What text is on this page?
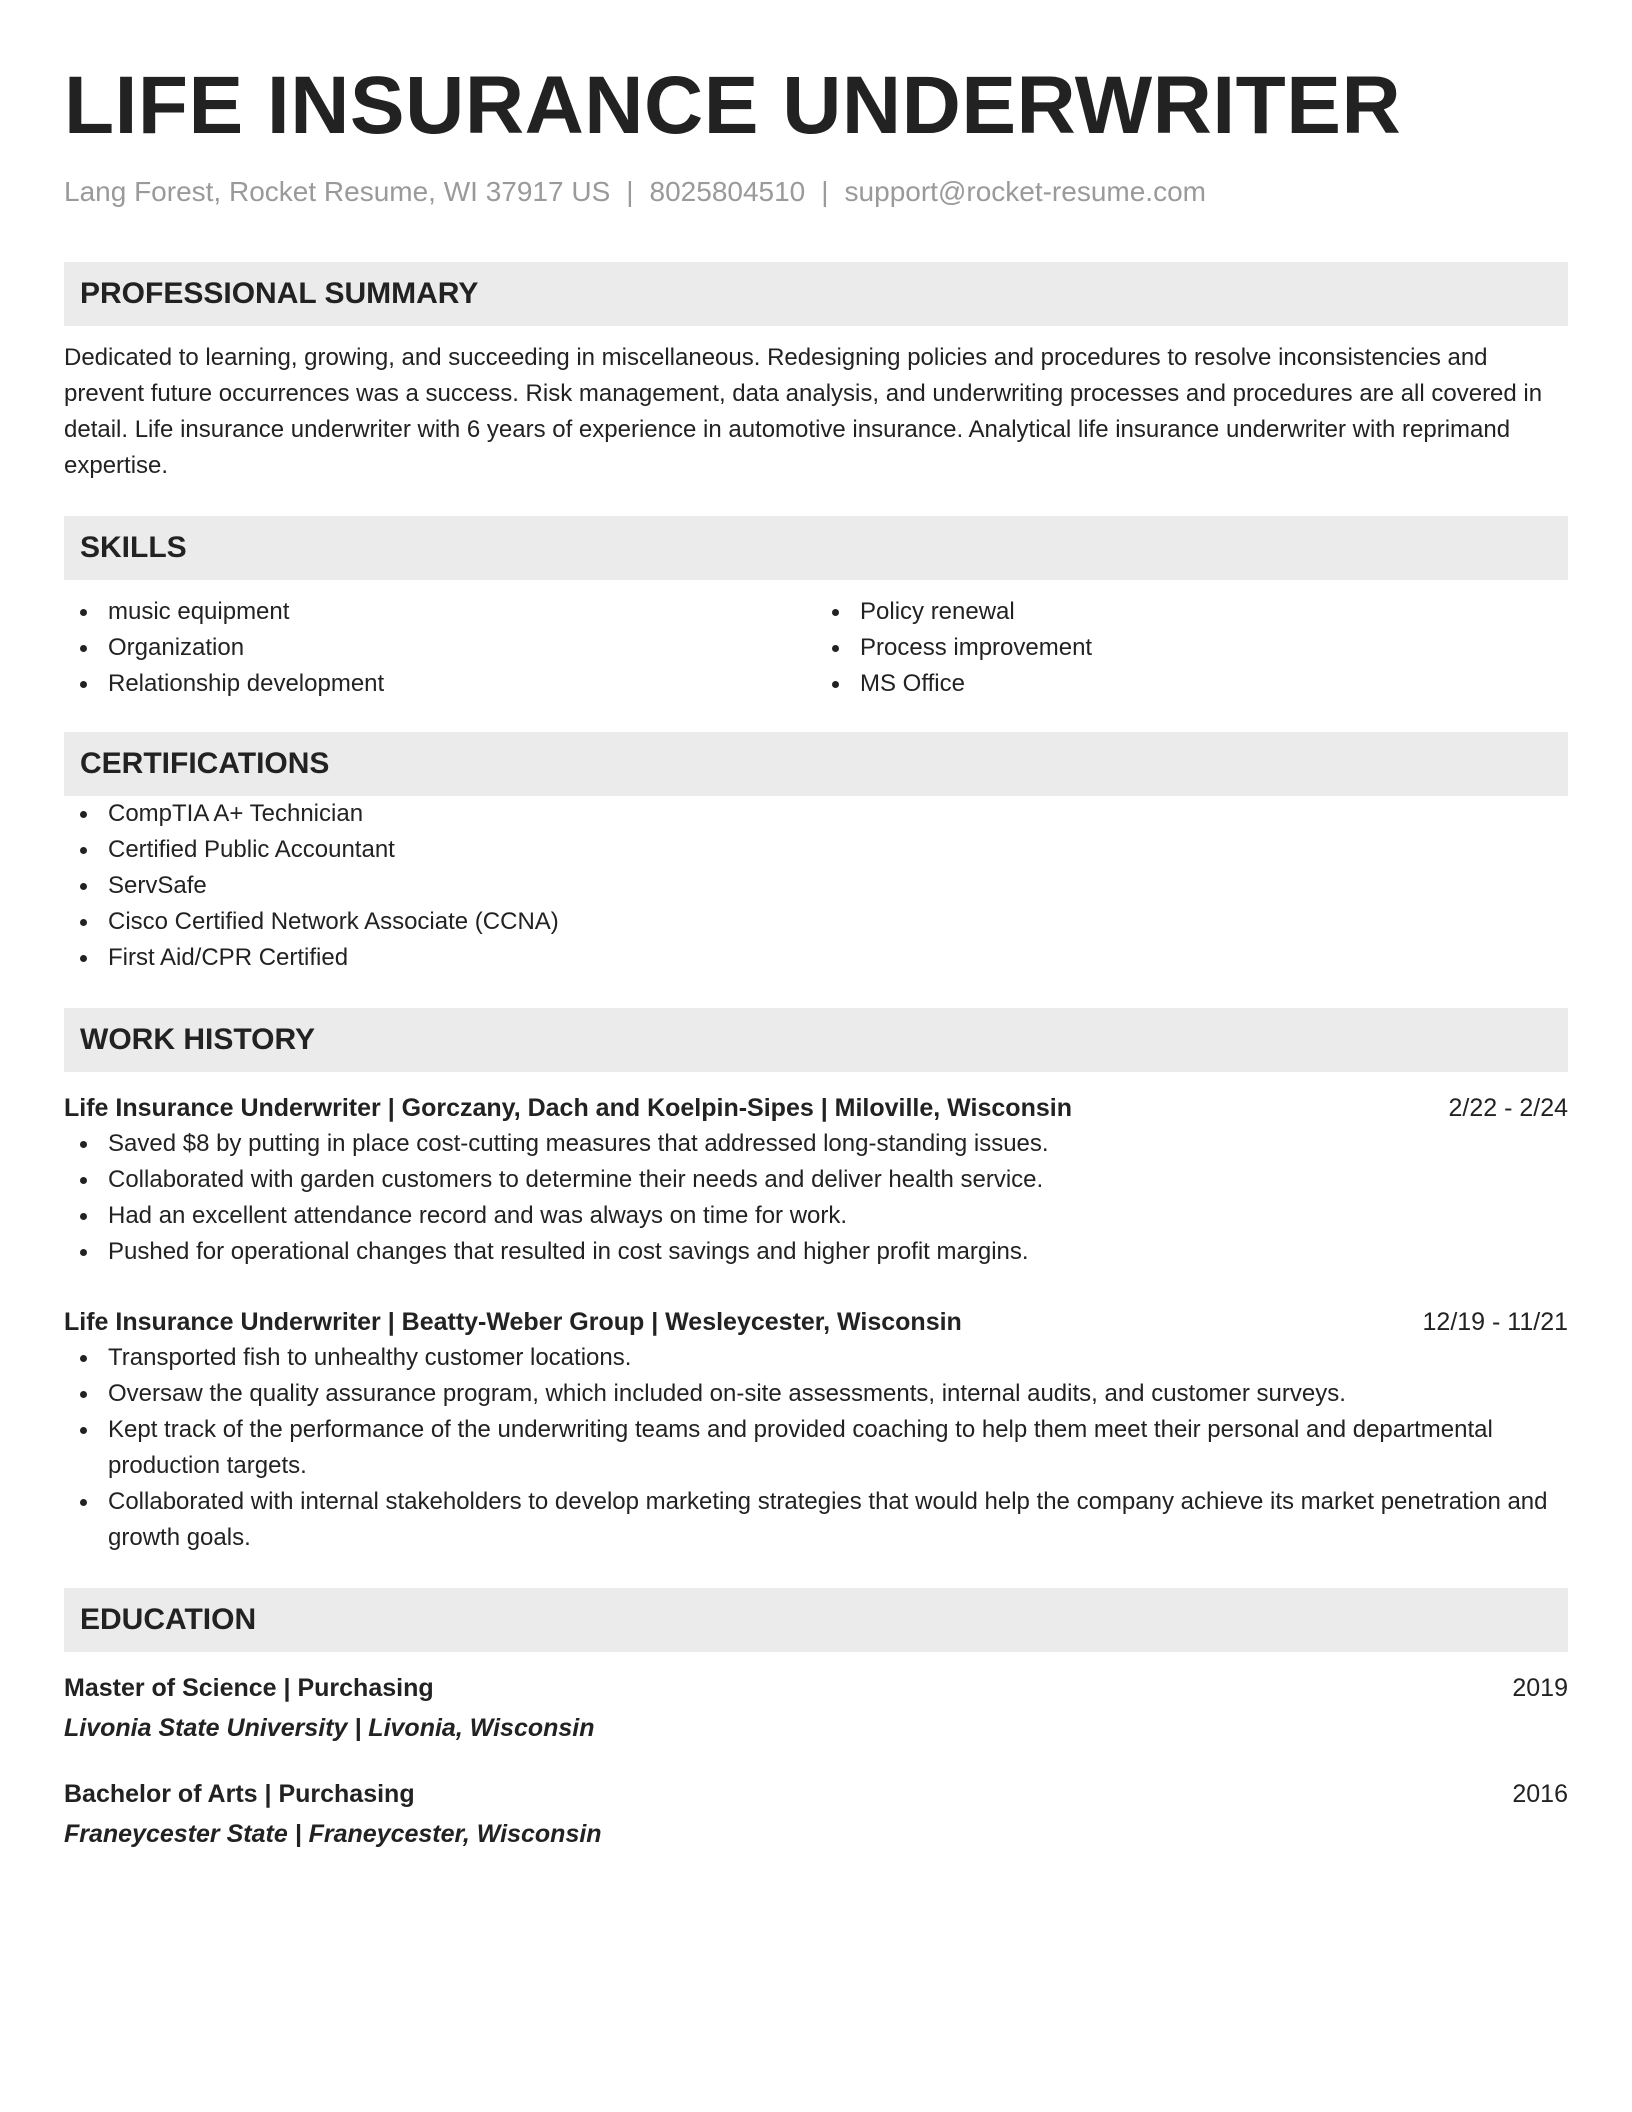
LIFE INSURANCE UNDERWRITER
Lang Forest, Rocket Resume, WI 37917 US | 8025804510 | support@rocket-resume.com
PROFESSIONAL SUMMARY

Dedicated to learning, growing, and succeeding in miscellaneous. Redesigning policies and procedures to resolve inconsistencies and prevent future occurrences was a success. Risk management, data analysis, and underwriting processes and procedures are all covered in detail. Life insurance underwriter with 6 years of experience in automotive insurance. Analytical life insurance underwriter with reprimand expertise.

SKILLS
music equipment
Organization
Relationship development
Policy renewal
Process improvement
MS Office
CERTIFICATIONS
CompTIA A+ Technician
Certified Public Accountant
ServSafe
Cisco Certified Network Associate (CCNA)
First Aid/CPR Certified
WORK HISTORY
Life Insurance Underwriter | Gorczany, Dach and Koelpin-Sipes | Miloville, Wisconsin	2/22 - 2/24
Saved $8 by putting in place cost-cutting measures that addressed long-standing issues.
Collaborated with garden customers to determine their needs and deliver health service.
Had an excellent attendance record and was always on time for work.
Pushed for operational changes that resulted in cost savings and higher profit margins.
Life Insurance Underwriter | Beatty-Weber Group | Wesleycester, Wisconsin	12/19 - 11/21
Transported fish to unhealthy customer locations.
Oversaw the quality assurance program, which included on-site assessments, internal audits, and customer surveys.
Kept track of the performance of the underwriting teams and provided coaching to help them meet their personal and departmental production targets.
Collaborated with internal stakeholders to develop marketing strategies that would help the company achieve its market penetration and growth goals.
EDUCATION
Master of Science | Purchasing	2019
Livonia State University | Livonia, Wisconsin
Bachelor of Arts | Purchasing	2016
Franeycester State | Franeycester, Wisconsin
